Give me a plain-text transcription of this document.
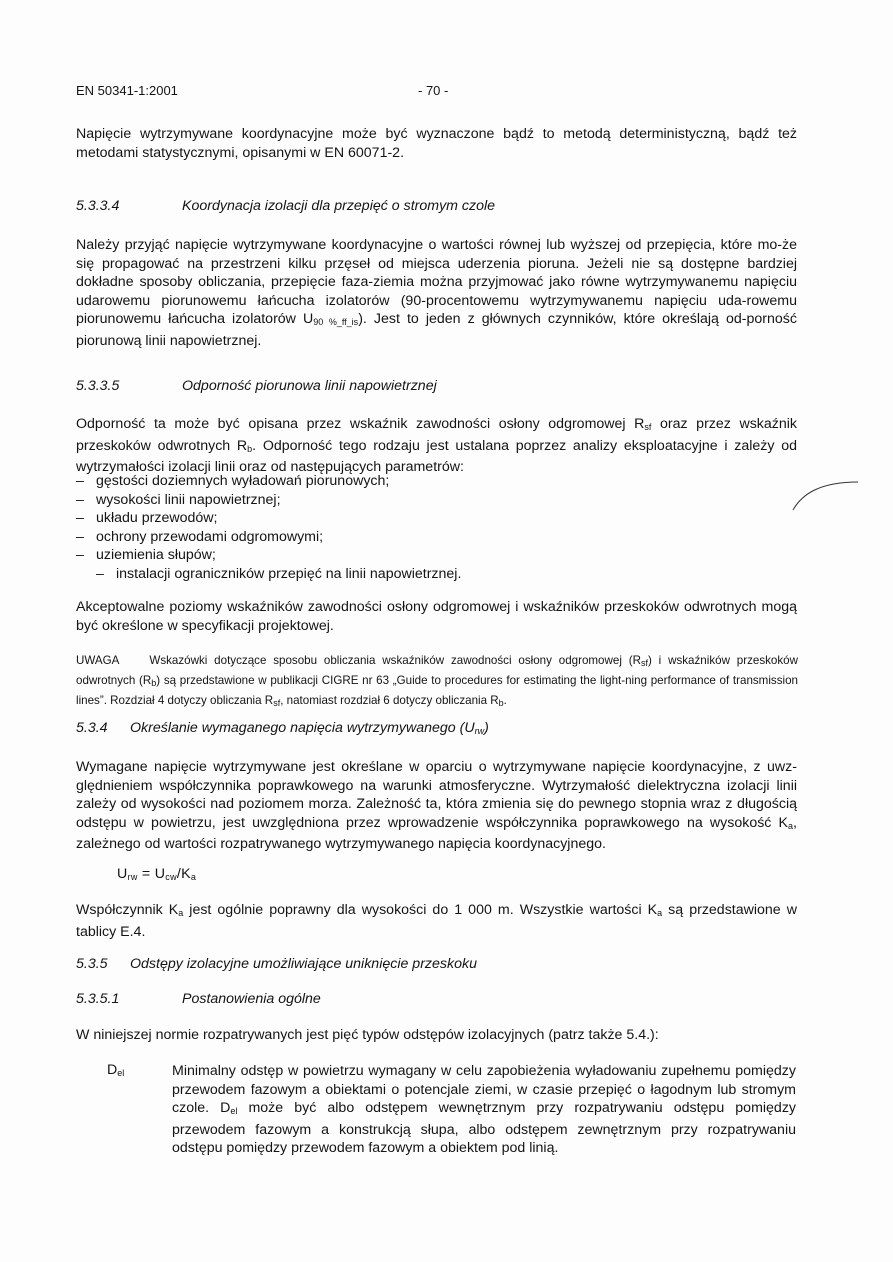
EN 50341-1:2001	- 70 -

Napięcie wytrzymywane koordynacyjne może być wyznaczone bądź to metodą deterministyczną, bądź też metodami statystycznymi, opisanymi w EN 60071-2.

5.3.3.4	Koordynacja izolacji dla przepięć o stromym czole

Należy przyjąć napięcie wytrzymywane koordynacyjne o wartości równej lub wyższej od przepięcia, które mo-że się propagować na przestrzeni kilku przęseł od miejsca uderzenia pioruna. Jeżeli nie są dostępne bardziej dokładne sposoby obliczania, przepięcie faza-ziemia można przyjmować jako równe wytrzymywanemu napięciu udarowemu piorunowemu łańcucha izolatorów (90-procentowemu wytrzymywanemu napięciu uda-rowemu piorunowemu łańcucha izolatorów $U_{90 \%\_ff\_is}$). Jest to jeden z głównych czynników, które określają od-porność piorunową linii napowietrznej.

5.3.3.5	Odporność piorunowa linii napowietrznej

Odporność ta może być opisana przez wskaźnik zawodności osłony odgromowej $R_{sf}$ oraz przez wskaźnik przeskoków odwrotnych $R_b$. Odporność tego rodzaju jest ustalana poprzez analizy eksploatacyjne i zależy od wytrzymałości izolacji linii oraz od następujących parametrów:

– gęstości doziemnych wyładowań piorunowych;
– wysokości linii napowietrznej;
– układu przewodów;
– ochrony przewodami odgromowymi;
– uziemienia słupów;
– instalacji ograniczników przepięć na linii napowietrznej.

Akceptowalne poziomy wskaźników zawodności osłony odgromowej i wskaźników przeskoków odwrotnych mogą być określone w specyfikacji projektowej.

UWAGA	Wskazówki dotyczące sposobu obliczania wskaźników zawodności osłony odgromowej $(R_{sf})$ i wskaźników przeskoków odwrotnych $(R_b)$ są przedstawione w publikacji CIGRE nr 63 „Guide to procedures for estimating the light-ning performance of transmission lines”. Rozdział 4 dotyczy obliczania $R_{sf}$, natomiast rozdział 6 dotyczy obliczania $R_b$.

5.3.4 Określanie wymaganego napięcia wytrzymywanego $(U_{rw})$

Wymagane napięcie wytrzymywane jest określane w oparciu o wytrzymywane napięcie koordynacyjne, z uwz-ględnieniem współczynnika poprawkowego na warunki atmosferyczne. Wytrzymałość dielektryczna izolacji linii zależy od wysokości nad poziomem morza. Zależność ta, która zmienia się do pewnego stopnia wraz z długością odstępu w powietrzu, jest uwzględniona przez wprowadzenie współczynnika poprawkowego na wysokość $K_a$, zależnego od wartości rozpatrywanego wytrzymywanego napięcia koordynacyjnego.

$U_{rw} = U_{cw}/K_a$

Współczynnik $K_a$ jest ogólnie poprawny dla wysokości do 1 000 m. Wszystkie wartości $K_a$ są przedstawione w tablicy E.4.

5.3.5 Odstępy izolacyjne umożliwiające uniknięcie przeskoku
5.3.5.1	Postanowienia ogólne

W niniejszej normie rozpatrywanych jest pięć typów odstępów izolacyjnych (patrz także 5.4.):

$D_{el}$	Minimalny odstęp w powietrzu wymagany w celu zapobieżenia wyładowaniu zupełnemu pomiędzy przewodem fazowym a obiektami o potencjale ziemi, w czasie przepięć o łagodnym lub stromym czole. $D_{el}$ może być albo odstępem wewnętrznym przy rozpatrywaniu odstępu pomiędzy przewodem fazowym a konstrukcją słupa, albo odstępem zewnętrznym przy rozpatrywaniu odstępu pomiędzy przewodem fazowym a obiektem pod linią.
